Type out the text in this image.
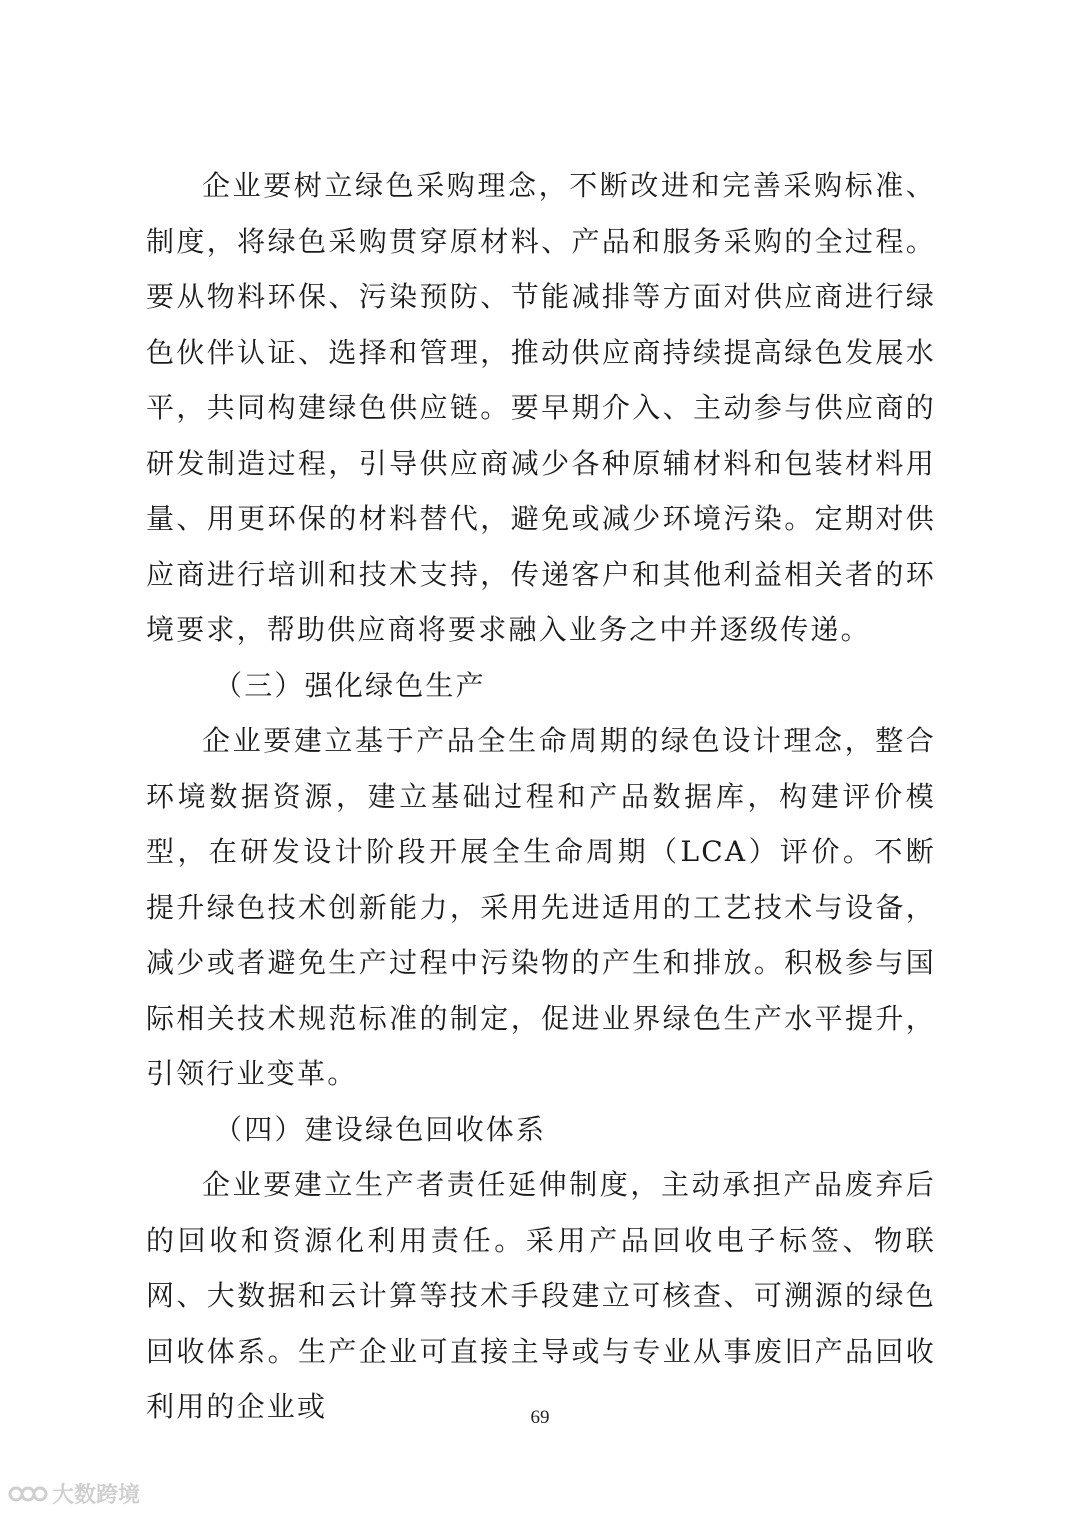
企业要树立绿色采购理念，不断改进和完善采购标准、制度，将绿色采购贯穿原材料、产品和服务采购的全过程。要从物料环保、污染预防、节能减排等方面对供应商进行绿色伙伴认证、选择和管理，推动供应商持续提高绿色发展水平，共同构建绿色供应链。要早期介入、主动参与供应商的研发制造过程，引导供应商减少各种原辅材料和包装材料用量、用更环保的材料替代，避免或减少环境污染。定期对供应商进行培训和技术支持，传递客户和其他利益相关者的环境要求，帮助供应商将要求融入业务之中并逐级传递。

（三）强化绿色生产

企业要建立基于产品全生命周期的绿色设计理念，整合环境数据资源，建立基础过程和产品数据库，构建评价模型，在研发设计阶段开展全生命周期（LCA）评价。不断提升绿色技术创新能力，采用先进适用的工艺技术与设备，减少或者避免生产过程中污染物的产生和排放。积极参与国际相关技术规范标准的制定，促进业界绿色生产水平提升，引领行业变革。

（四）建设绿色回收体系

企业要建立生产者责任延伸制度，主动承担产品废弃后的回收和资源化利用责任。采用产品回收电子标签、物联网、大数据和云计算等技术手段建立可核查、可溯源的绿色回收体系。生产企业可直接主导或与专业从事废旧产品回收利用的企业或	69
大数跨境
